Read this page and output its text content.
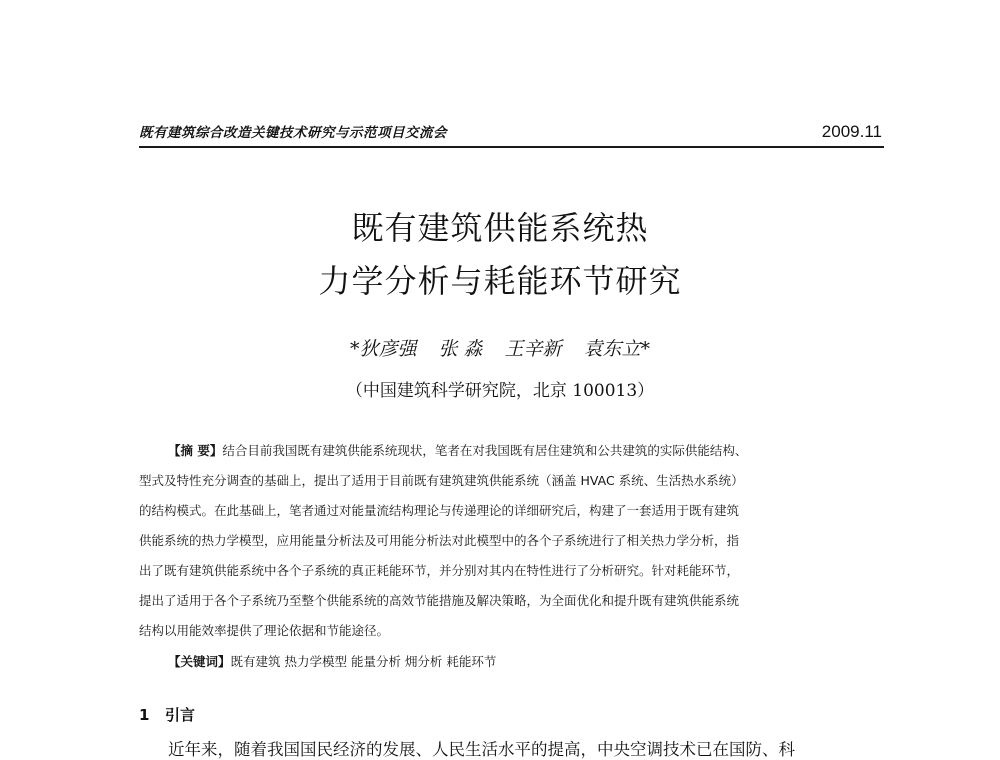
既有建筑综合改造关键技术研究与示范项目交流会	2009.11
既有建筑供能系统热
力学分析与耗能环节研究
*狄彦强 张 淼 王辛新 袁东立*
（中国建筑科学研究院，北京 100013）
【摘 要】结合目前我国既有建筑供能系统现状，笔者在对我国既有居住建筑和公共建筑的实际供能结构、
型式及特性充分调查的基础上，提出了适用于目前既有建筑建筑供能系统（涵盖 HVAC 系统、生活热水系统）
的结构模式。在此基础上，笔者通过对能量流结构理论与传递理论的详细研究后，构建了一套适用于既有建筑
供能系统的热力学模型，应用能量分析法及可用能分析法对此模型中的各个子系统进行了相关热力学分析，指
出了既有建筑供能系统中各个子系统的真正耗能环节，并分别对其内在特性进行了分析研究。针对耗能环节，
提出了适用于各个子系统乃至整个供能系统的高效节能措施及解决策略，为全面优化和提升既有建筑供能系统
结构以用能效率提供了理论依据和节能途径。
【关键词】既有建筑 热力学模型 能量分析 㶲分析 耗能环节
1 引言
近年来，随着我国国民经济的发展、人民生活水平的提高，中央空调技术已在国防、科
